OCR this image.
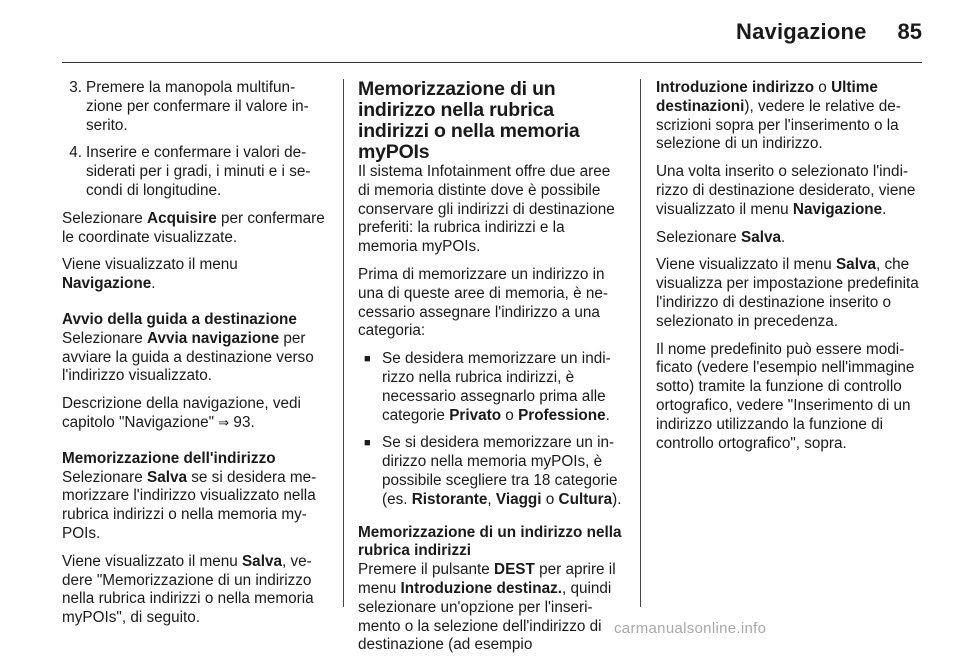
Navigazione	85
3. Premere la manopola multifunzione per confermare il valore inserito.
4. Inserire e confermare i valori desiderati per i gradi, i minuti e i secondi di longitudine.

Selezionare Acquisire per confermare le coordinate visualizzate.

Viene visualizzato il menu Navigazione.

Avvio della guida a destinazione

Selezionare Avvia navigazione per avviare la guida a destinazione verso l'indirizzo visualizzato.

Descrizione della navigazione, vedi capitolo "Navigazione" ⇒ 93.

Memorizzazione dell'indirizzo

Selezionare Salva se si desidera memorizzare l'indirizzo visualizzato nella rubrica indirizzi o nella memoria myPOIs.

Viene visualizzato il menu Salva, vedere "Memorizzazione di un indirizzo nella rubrica indirizzi o nella memoria myPOIs", di seguito.

Memorizzazione di un indirizzo nella rubrica indirizzi o nella memoria myPOIs

Il sistema Infotainment offre due aree di memoria distinte dove è possibile conservare gli indirizzi di destinazione preferiti: la rubrica indirizzi e la memoria myPOIs.

Prima di memorizzare un indirizzo in una di queste aree di memoria, è necessario assegnare l'indirizzo a una categoria:

■ Se desidera memorizzare un indirizzo nella rubrica indirizzi, è necessario assegnarlo prima alle categorie Privato o Professione.
■ Se si desidera memorizzare un indirizzo nella memoria myPOIs, è possibile scegliere tra 18 categorie (es. Ristorante, Viaggi o Cultura).
Memorizzazione di un indirizzo nella rubrica indirizzi

Premere il pulsante DEST per aprire il menu Introduzione destinaz., quindi selezionare un'opzione per l'inserimento o la selezione dell'indirizzo di destinazione (ad esempio

Introduzione indirizzo o Ultime destinazioni), vedere le relative descrizioni sopra per l'inserimento o la selezione di un indirizzo.

Una volta inserito o selezionato l'indirizzo di destinazione desiderato, viene visualizzato il menu Navigazione.

Selezionare Salva.

Viene visualizzato il menu Salva, che visualizza per impostazione predefinita l'indirizzo di destinazione inserito o selezionato in precedenza.

Il nome predefinito può essere modificato (vedere l'esempio nell'immagine sotto) tramite la funzione di controllo ortografico, vedere "Inserimento di un indirizzo utilizzando la funzione di controllo ortografico", sopra.

carmanualsonline.info
